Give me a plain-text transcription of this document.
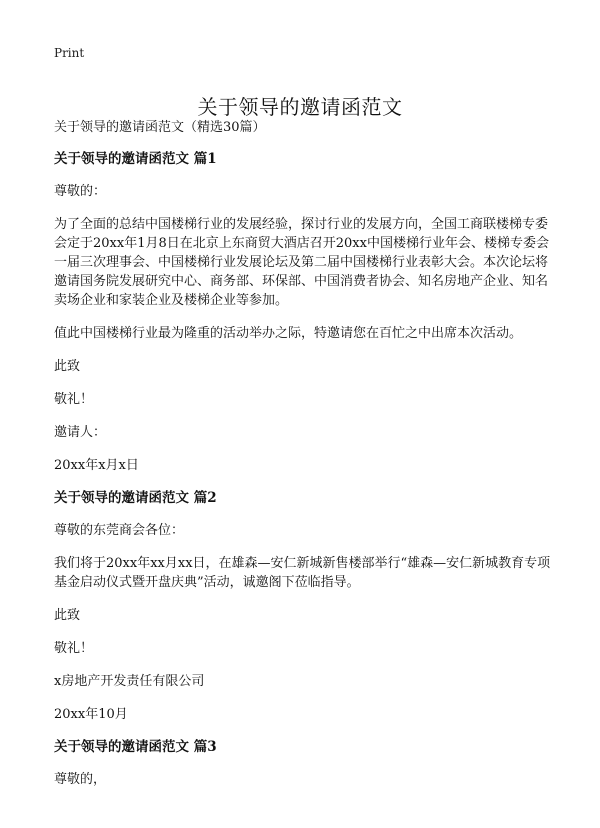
Print
关于领导的邀请函范文

关于领导的邀请函范文（精选30篇）

关于领导的邀请函范文 篇1

尊敬的：

为了全面的总结中国楼梯行业的发展经验，探讨行业的发展方向，全国工商联楼梯专委会定于20xx年1月8日在北京上东商贸大酒店召开20xx中国楼梯行业年会、楼梯专委会一届三次理事会、中国楼梯行业发展论坛及第二届中国楼梯行业表彰大会。本次论坛将邀请国务院发展研究中心、商务部、环保部、中国消费者协会、知名房地产企业、知名卖场企业和家装企业及楼梯企业等参加。

值此中国楼梯行业最为隆重的活动举办之际，特邀请您在百忙之中出席本次活动。

此致

敬礼！

邀请人：

20xx年x月x日

关于领导的邀请函范文 篇2

尊敬的东莞商会各位：

我们将于20xx年xx月xx日，在雄森—安仁新城新售楼部举行“雄森—安仁新城教育专项基金启动仪式暨开盘庆典”活动，诚邀阁下莅临指导。

此致

敬礼！

x房地产开发责任有限公司

20xx年10月

关于领导的邀请函范文 篇3

尊敬的，
